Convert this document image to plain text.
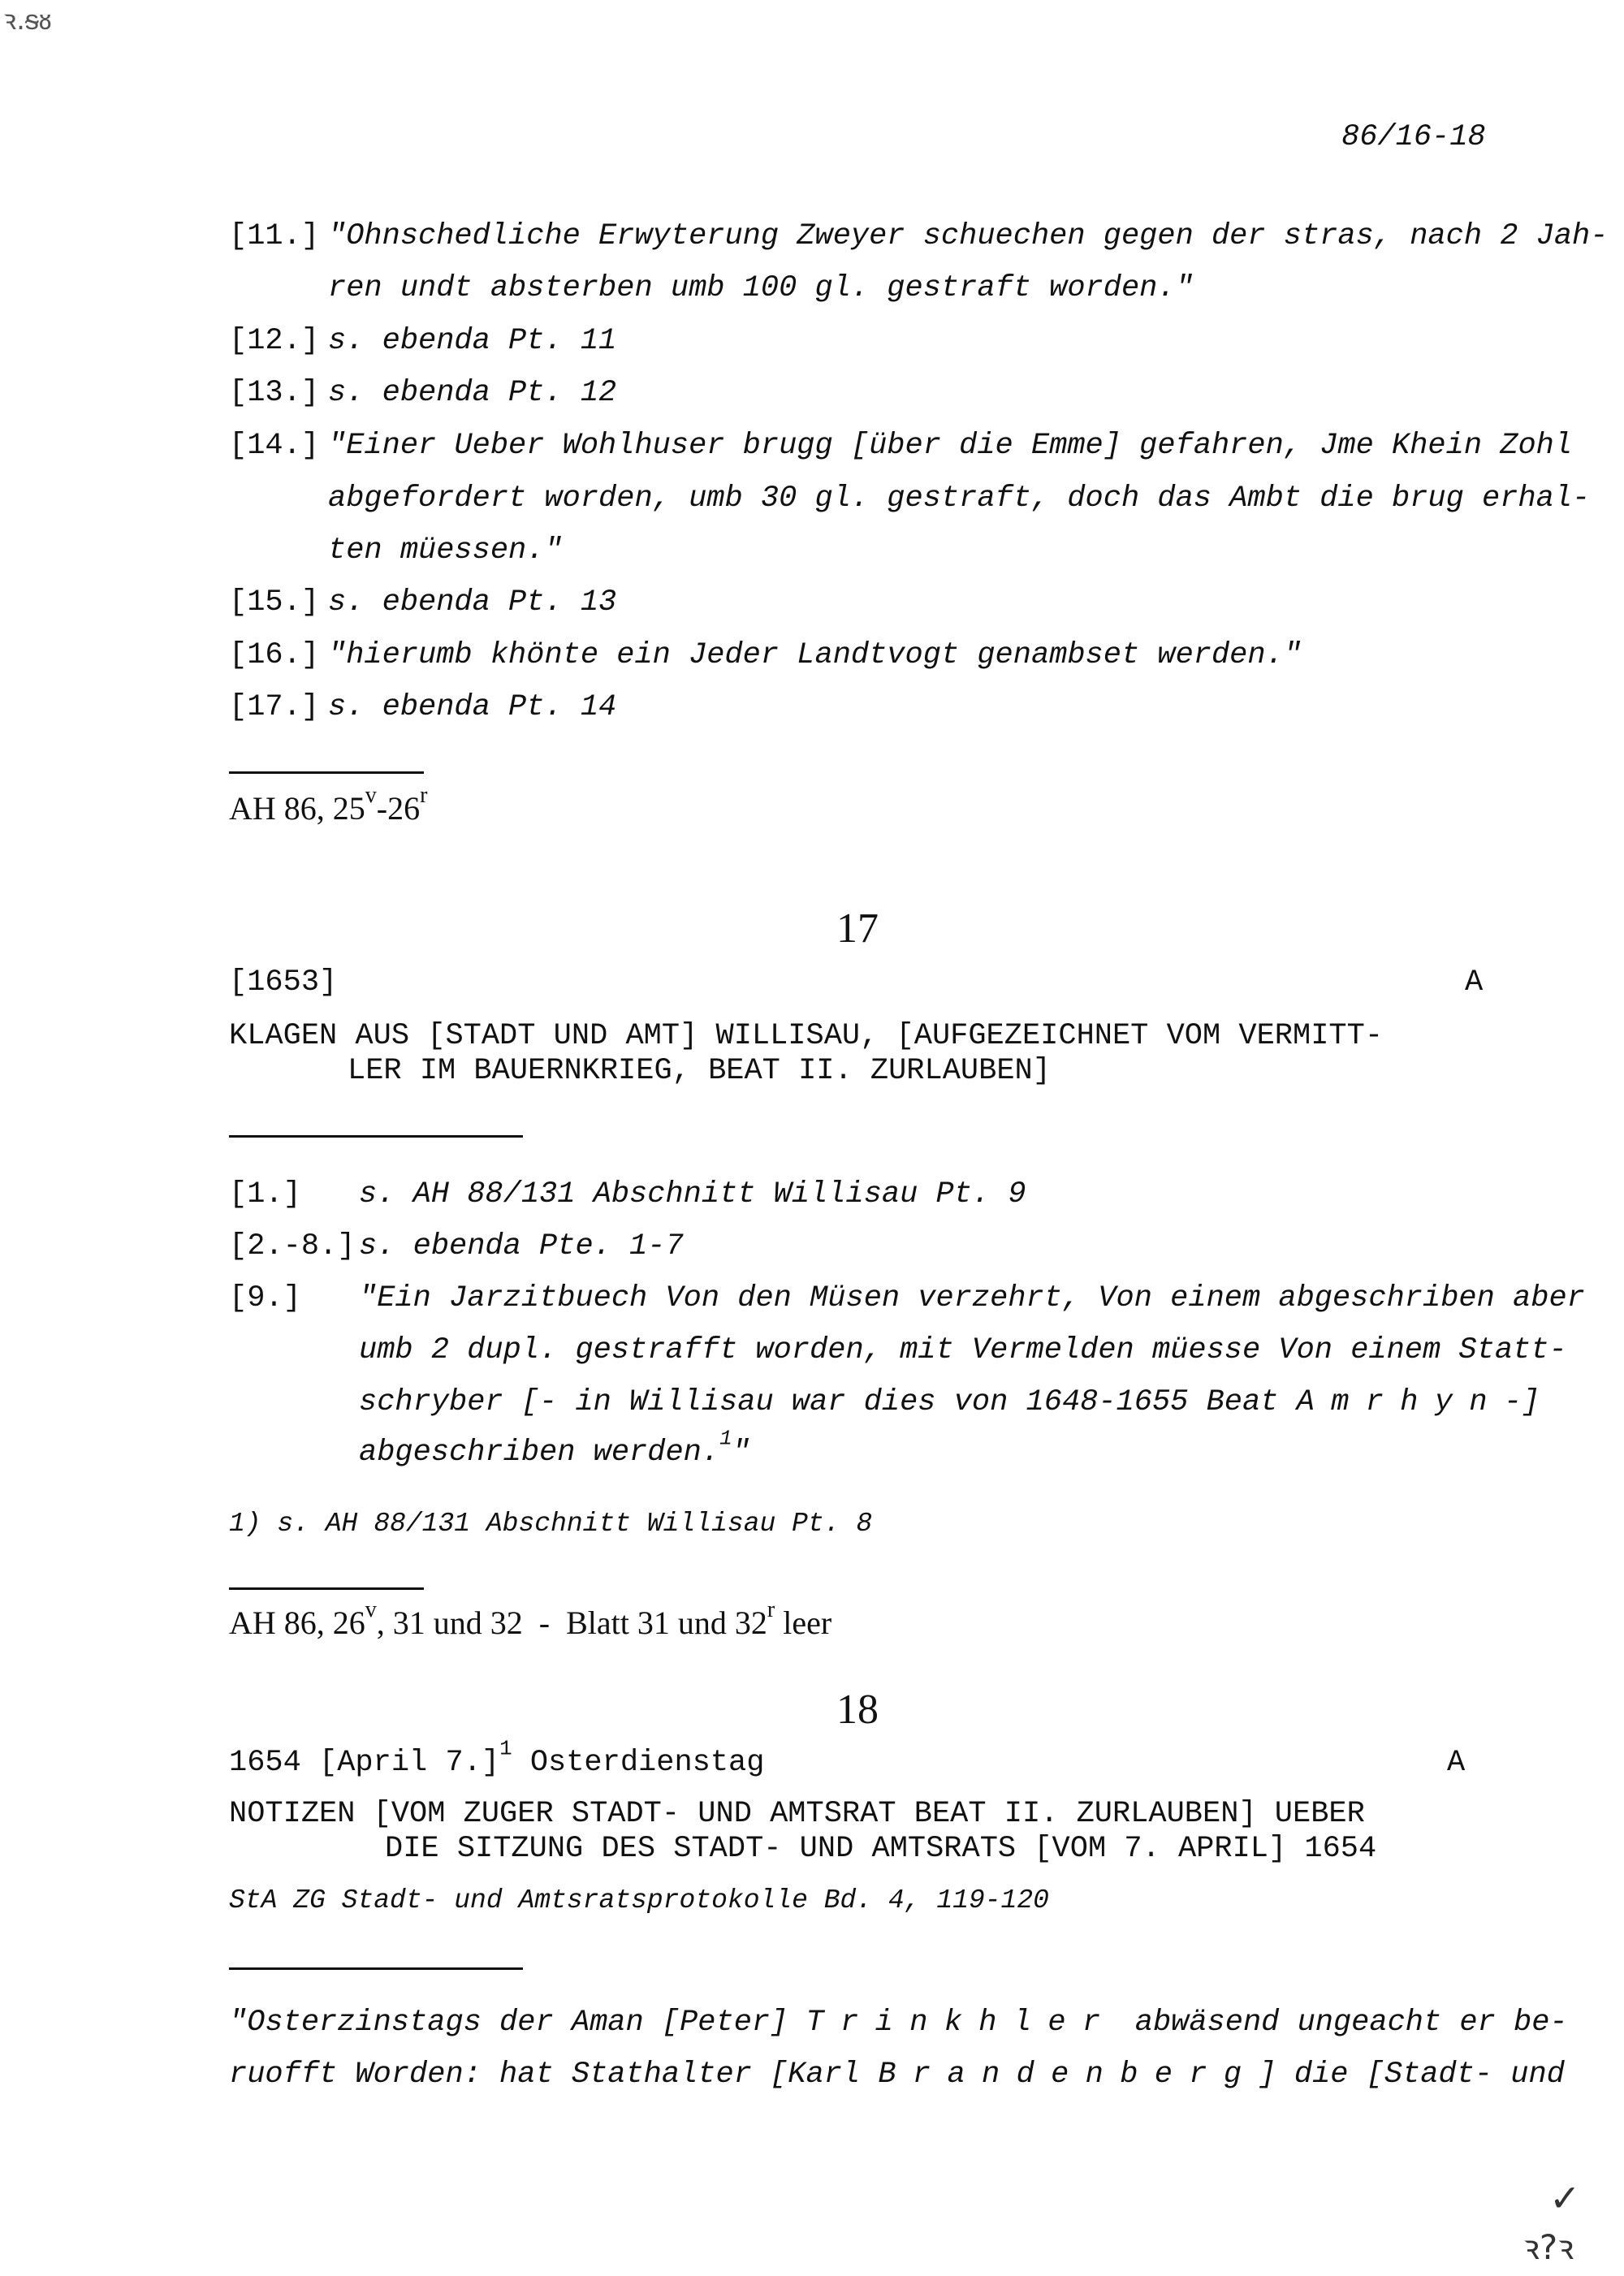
ꝛ.ᵴᴕ
✓
ꝛ?ꝛ
86/16-18
[11.] "Ohnschedliche Erwyterung Zweyer schuechen gegen der stras, nach 2 Jah-
ren undt absterben umb 100 gl. gestraft worden."
[12.] s. ebenda Pt. 11
[13.] s. ebenda Pt. 12
[14.] "Einer Ueber Wohlhuser brugg [über die Emme] gefahren, Jme Khein Zohl
abgefordert worden, umb 30 gl. gestraft, doch das Ambt die brug erhal-
ten müessen."
[15.] s. ebenda Pt. 13
[16.] "hierumb khönte ein Jeder Landtvogt genambset werden."
[17.] s. ebenda Pt. 14
AH 86, 25$^v$-26$^r$
17
[1653]	A
KLAGEN AUS [STADT UND AMT] WILLISAU, [AUFGEZEICHNET VOM VERMITT-
LER IM BAUERNKRIEG, BEAT II. ZURLAUBEN]
[1.] s. AH 88/131 Abschnitt Willisau Pt. 9
[2.-8.] s. ebenda Pte. 1-7
[9.] "Ein Jarzitbuech Von den Müsen verzehrt, Von einem abgeschriben aber
umb 2 dupl. gestrafft worden, mit Vermelden müesse Von einem Statt-
schryber [- in Willisau war dies von 1648-1655 Beat Amrhyn-]
abgeschriben werden.$^1$"
1) s. AH 88/131 Abschnitt Willisau Pt. 8
AH 86, 26$^v$, 31 und 32  -  Blatt 31 und 32$^r$ leer
18
1654 [April 7.]$^1$ Osterdienstag	A
NOTIZEN [VOM ZUGER STADT- UND AMTSRAT BEAT II. ZURLAUBEN] UEBER
DIE SITZUNG DES STADT- UND AMTSRATS [VOM 7. APRIL] 1654
StA ZG Stadt- und Amtsratsprotokolle Bd. 4, 119-120
"Osterzinstags der Aman [Peter] Trinkhler abwäsend ungeacht er be-
ruofft Worden: hat Stathalter [Karl Brandenberg] die [Stadt- und
